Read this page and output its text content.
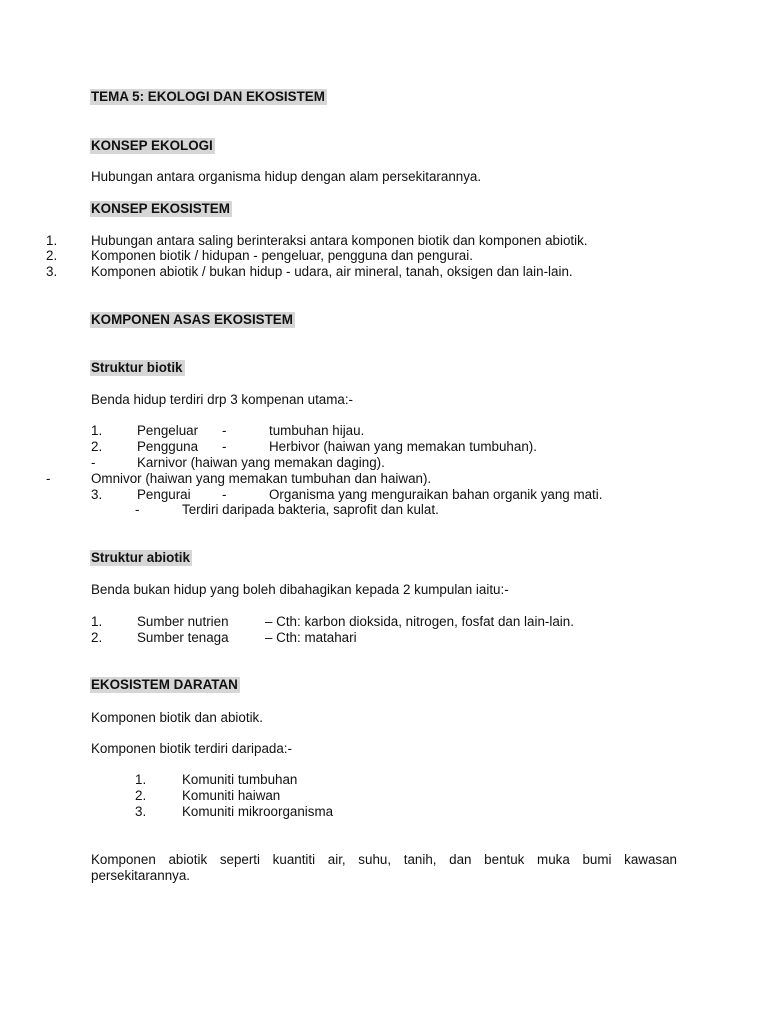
TEMA 5: EKOLOGI DAN EKOSISTEM
KONSEP EKOLOGI
Hubungan antara organisma hidup dengan alam persekitarannya.
KONSEP EKOSISTEM
1.	Hubungan antara saling berinteraksi antara komponen biotik dan komponen abiotik.
2.	Komponen biotik / hidupan - pengeluar, pengguna dan pengurai.
3.	Komponen abiotik / bukan hidup - udara, air mineral, tanah, oksigen dan lain-lain.
KOMPONEN ASAS EKOSISTEM
Struktur biotik
Benda hidup terdiri drp 3 kompenan utama:-
1.	Pengeluar -	tumbuhan hijau.
2.	Pengguna -	Herbivor (haiwan yang memakan tumbuhan).
-	Karnivor (haiwan yang memakan daging).
-	Omnivor (haiwan yang memakan tumbuhan dan haiwan).
3.	Pengurai -	Organisma yang menguraikan bahan organik yang mati.
-	Terdiri daripada bakteria, saprofit dan kulat.
Struktur abiotik
Benda bukan hidup yang boleh dibahagikan kepada 2 kumpulan iaitu:-
1.	Sumber nutrien	– Cth: karbon dioksida, nitrogen, fosfat dan lain-lain.
2.	Sumber tenaga	– Cth: matahari
EKOSISTEM DARATAN
Komponen biotik dan abiotik.
Komponen biotik terdiri daripada:-
1.	Komuniti tumbuhan
2.	Komuniti haiwan
3.	Komuniti mikroorganisma
Komponen abiotik seperti kuantiti air, suhu, tanih, dan bentuk muka bumi kawasan persekitarannya.
